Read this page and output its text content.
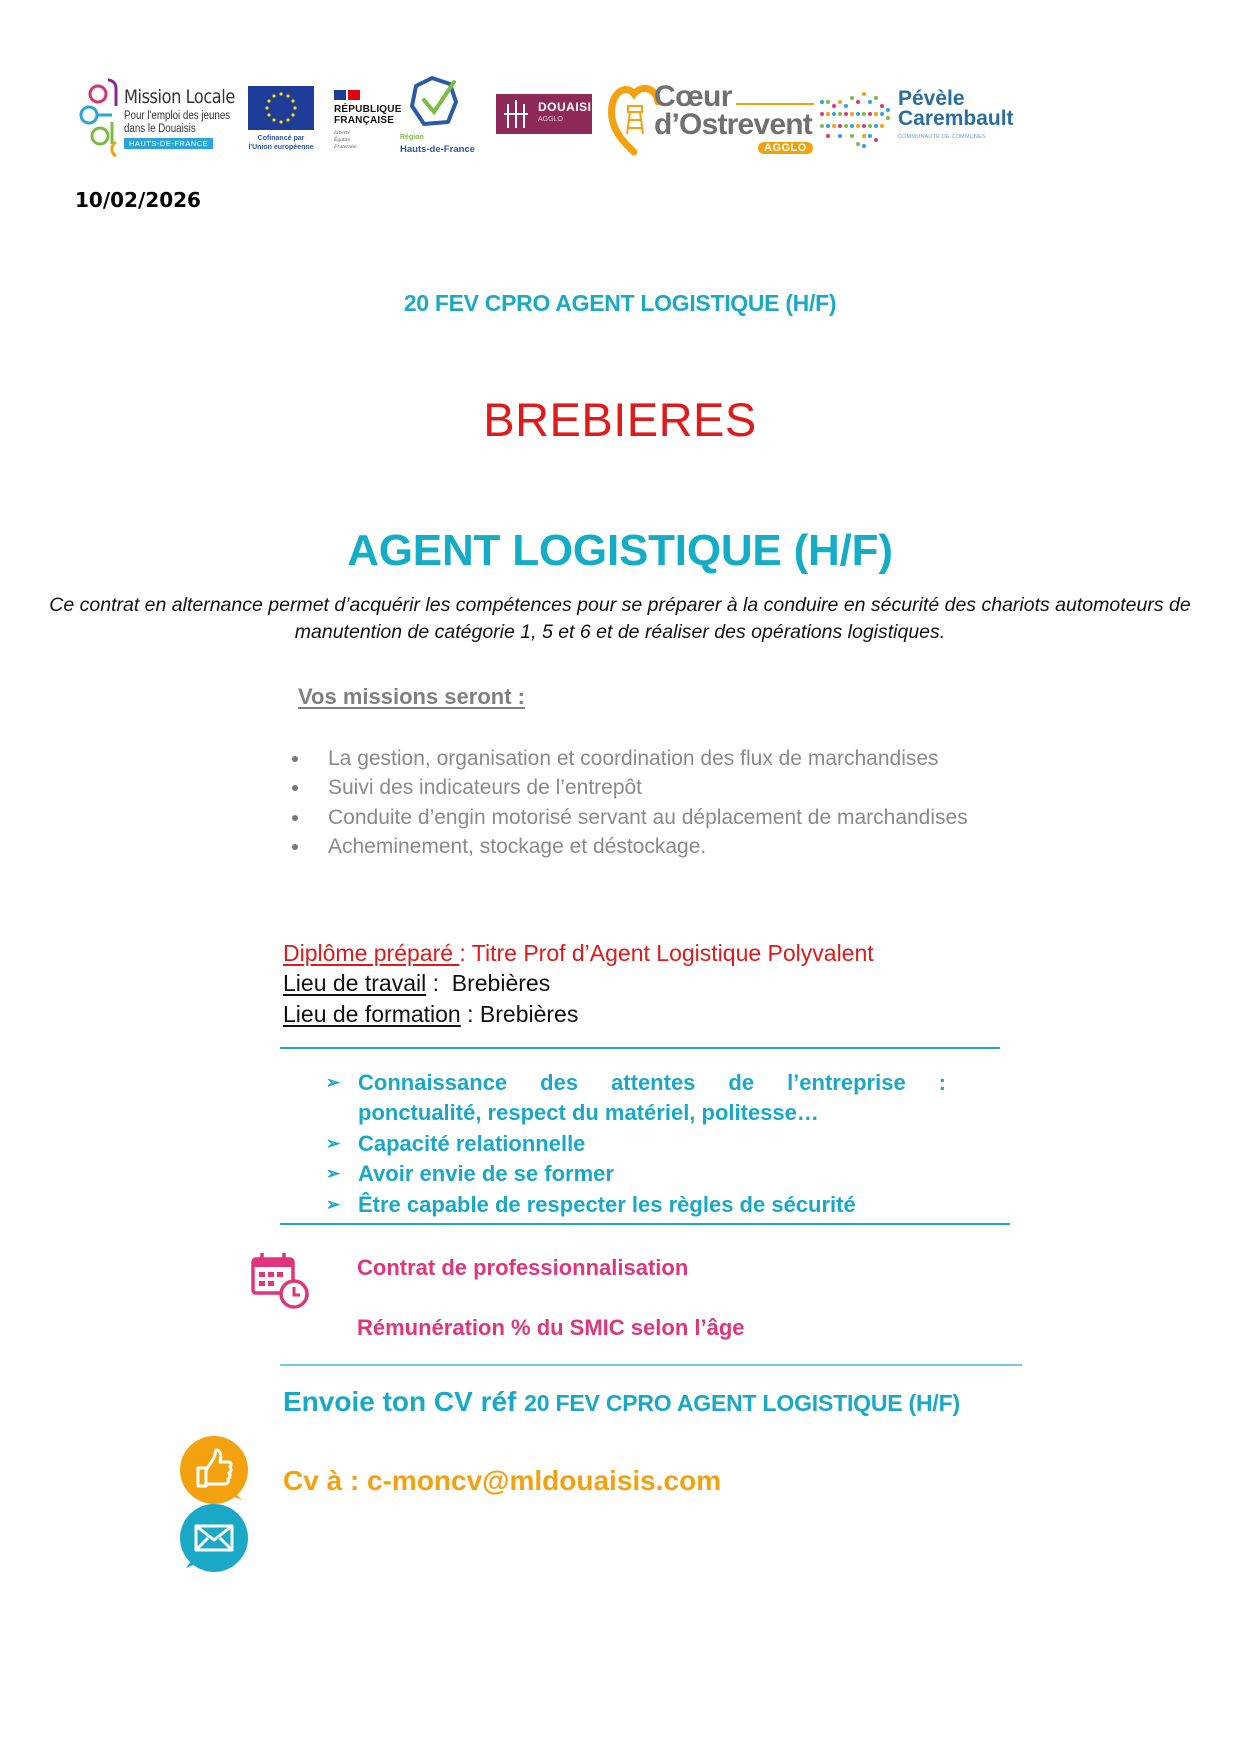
Mission Locale
Pour l'emploi des jeunes
dans le Douaisis
HAUTS-DE-FRANCE
Cofinancé par
l'Union européenne
RÉPUBLIQUE
FRANÇAISE
Liberté
Égalité
Fraternité
Région
Hauts-de-France
DOUAISIS
AGGLO
Cœur
d’Ostrevent
AGGLO
Pévèle
Carembault
COMMUNAUTÉ DE COMMUNES
10/02/2026
20 FEV CPRO AGENT LOGISTIQUE (H/F)
BREBIERES
AGENT LOGISTIQUE (H/F)
Ce contrat en alternance permet d’acquérir les compétences pour se préparer à la conduire en sécurité des chariots automoteurs de manutention de catégorie 1, 5 et 6 et de réaliser des opérations logistiques.
Vos missions seront :
La gestion, organisation et coordination des flux de marchandises
Suivi des indicateurs de l’entrepôt
Conduite d’engin motorisé servant au déplacement de marchandises
Acheminement, stockage et déstockage.
Diplôme préparé : Titre Prof d’Agent Logistique Polyvalent
Lieu de travail :  Brebières
Lieu de formation : Brebières
➢ Connaissance des attentes de l’entreprise :
ponctualité, respect du matériel, politesse…
➢ Capacité relationnelle
➢ Avoir envie de se former
➢ Être capable de respecter les règles de sécurité
Contrat de professionnalisation
Rémunération % du SMIC selon l’âge
Envoie ton CV réf 20 FEV CPRO AGENT LOGISTIQUE (H/F)
Cv à : c-moncv@mldouaisis.com
